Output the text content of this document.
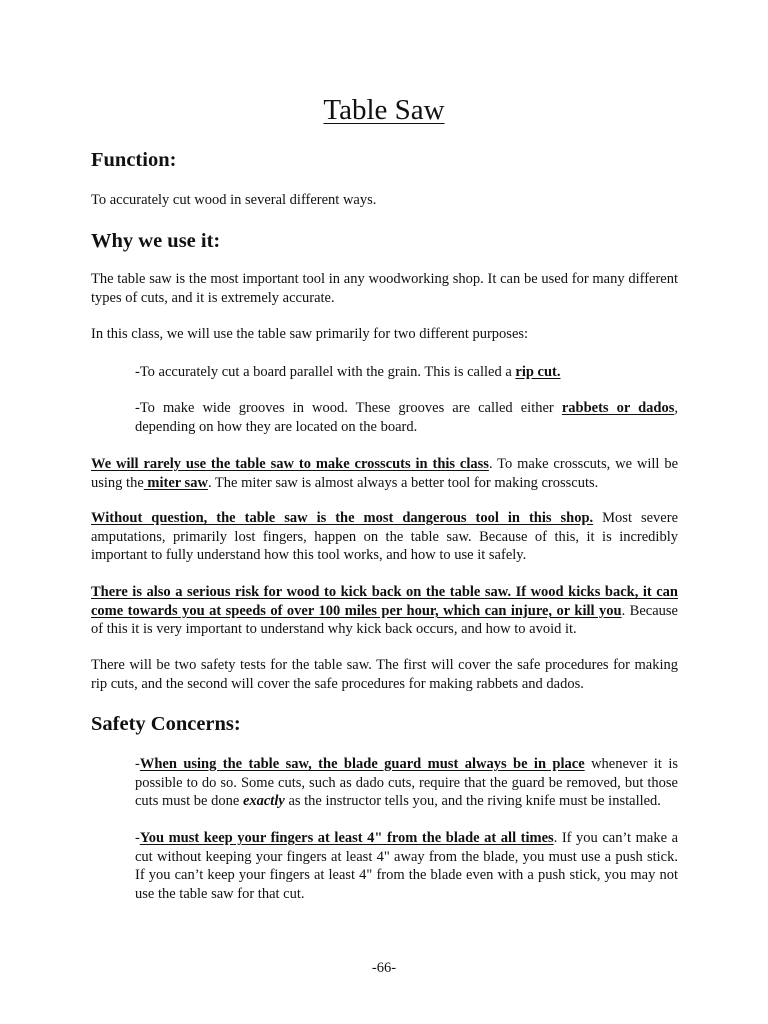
Table Saw
Function:

To accurately cut wood in several different ways.

Why we use it:

The table saw is the most important tool in any woodworking shop. It can be used for many different types of cuts, and it is extremely accurate.

In this class, we will use the table saw primarily for two different purposes:

-To accurately cut a board parallel with the grain. This is called a rip cut.

-To make wide grooves in wood. These grooves are called either rabbets or dados, depending on how they are located on the board.

We will rarely use the table saw to make crosscuts in this class. To make crosscuts, we will be using the miter saw. The miter saw is almost always a better tool for making crosscuts.

Without question, the table saw is the most dangerous tool in this shop. Most severe amputations, primarily lost fingers, happen on the table saw. Because of this, it is incredibly important to fully understand how this tool works, and how to use it safely.

There is also a serious risk for wood to kick back on the table saw. If wood kicks back, it can come towards you at speeds of over 100 miles per hour, which can injure, or kill you. Because of this it is very important to understand why kick back occurs, and how to avoid it.

There will be two safety tests for the table saw. The first will cover the safe procedures for making rip cuts, and the second will cover the safe procedures for making rabbets and dados.

Safety Concerns:

-When using the table saw, the blade guard must always be in place whenever it is possible to do so. Some cuts, such as dado cuts, require that the guard be removed, but those cuts must be done exactly as the instructor tells you, and the riving knife must be installed.

-You must keep your fingers at least 4" from the blade at all times. If you can’t make a cut without keeping your fingers at least 4" away from the blade, you must use a push stick. If you can’t keep your fingers at least 4" from the blade even with a push stick, you may not use the table saw for that cut.

-66-
